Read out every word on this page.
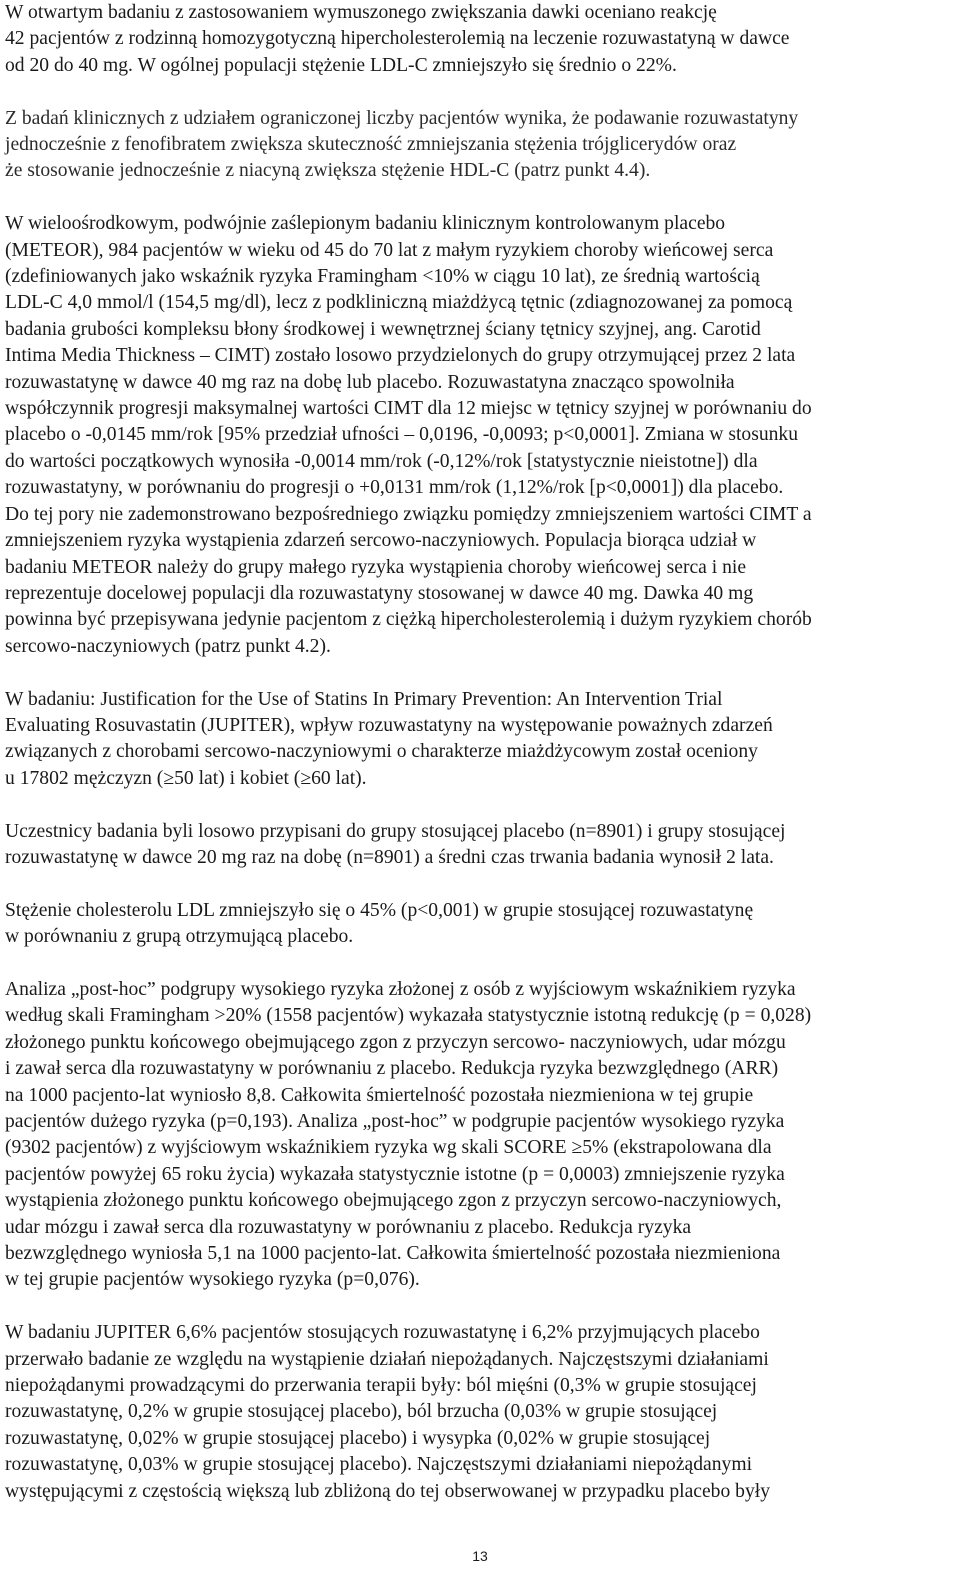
W otwartym badaniu z zastosowaniem wymuszonego zwiększania dawki oceniano reakcję
42 pacjentów z rodzinną homozygotyczną hipercholesterolemią na leczenie rozuwastatyną w dawce
od 20 do 40 mg. W ogólnej populacji stężenie LDL-C zmniejszyło się średnio o 22%.

Z badań klinicznych z udziałem ograniczonej liczby pacjentów wynika, że podawanie rozuwastatyny
jednocześnie z fenofibratem zwiększa skuteczność zmniejszania stężenia trójglicerydów oraz
że stosowanie jednocześnie z niacyną zwiększa stężenie HDL-C (patrz punkt 4.4).

W wieloośrodkowym, podwójnie zaślepionym badaniu klinicznym kontrolowanym placebo
(METEOR), 984 pacjentów w wieku od 45 do 70 lat z małym ryzykiem choroby wieńcowej serca
(zdefiniowanych jako wskaźnik ryzyka Framingham <10% w ciągu 10 lat), ze średnią wartością
LDL-C 4,0 mmol/l (154,5 mg/dl), lecz z podkliniczną miażdżycą tętnic (zdiagnozowanej za pomocą
badania grubości kompleksu błony środkowej i wewnętrznej ściany tętnicy szyjnej, ang. Carotid
Intima Media Thickness – CIMT) zostało losowo przydzielonych do grupy otrzymującej przez 2 lata
rozuwastatynę w dawce 40 mg raz na dobę lub placebo. Rozuwastatyna znacząco spowolniła
współczynnik progresji maksymalnej wartości CIMT dla 12 miejsc w tętnicy szyjnej w porównaniu do
placebo o -0,0145 mm/rok [95% przedział ufności – 0,0196, -0,0093; p<0,0001]. Zmiana w stosunku
do wartości początkowych wynosiła -0,0014 mm/rok (-0,12%/rok [statystycznie nieistotne]) dla
rozuwastatyny, w porównaniu do progresji o +0,0131 mm/rok (1,12%/rok [p<0,0001]) dla placebo.
Do tej pory nie zademonstrowano bezpośredniego związku pomiędzy zmniejszeniem wartości CIMT a
zmniejszeniem ryzyka wystąpienia zdarzeń sercowo-naczyniowych. Populacja biorąca udział w
badaniu METEOR należy do grupy małego ryzyka wystąpienia choroby wieńcowej serca i nie
reprezentuje docelowej populacji dla rozuwastatyny stosowanej w dawce 40 mg. Dawka 40 mg
powinna być przepisywana jedynie pacjentom z ciężką hipercholesterolemią i dużym ryzykiem chorób
sercowo-naczyniowych (patrz punkt 4.2).

W badaniu: Justification for the Use of Statins In Primary Prevention: An Intervention Trial
Evaluating Rosuvastatin (JUPITER), wpływ rozuwastatyny na występowanie poważnych zdarzeń
związanych z chorobami sercowo-naczyniowymi o charakterze miażdżycowym został oceniony
u 17802 mężczyzn (≥50 lat) i kobiet (≥60 lat).

Uczestnicy badania byli losowo przypisani do grupy stosującej placebo (n=8901) i grupy stosującej
rozuwastatynę w dawce 20 mg raz na dobę (n=8901) a średni czas trwania badania wynosił 2 lata.

Stężenie cholesterolu LDL zmniejszyło się o 45% (p<0,001) w grupie stosującej rozuwastatynę
w porównaniu z grupą otrzymującą placebo.

Analiza „post-hoc” podgrupy wysokiego ryzyka złożonej z osób z wyjściowym wskaźnikiem ryzyka
według skali Framingham >20% (1558 pacjentów) wykazała statystycznie istotną redukcję (p = 0,028)
złożonego punktu końcowego obejmującego zgon z przyczyn sercowo- naczyniowych, udar mózgu
i zawał serca dla rozuwastatyny w porównaniu z placebo. Redukcja ryzyka bezwzględnego (ARR)
na 1000 pacjento-lat wyniosło 8,8. Całkowita śmiertelność pozostała niezmieniona w tej grupie
pacjentów dużego ryzyka (p=0,193). Analiza „post-hoc” w podgrupie pacjentów wysokiego ryzyka
(9302 pacjentów) z wyjściowym wskaźnikiem ryzyka wg skali SCORE ≥5% (ekstrapolowana dla
pacjentów powyżej 65 roku życia) wykazała statystycznie istotne (p = 0,0003) zmniejszenie ryzyka
wystąpienia złożonego punktu końcowego obejmującego zgon z przyczyn sercowo-naczyniowych,
udar mózgu i zawał serca dla rozuwastatyny w porównaniu z placebo. Redukcja ryzyka
bezwzględnego wyniosła 5,1 na 1000 pacjento-lat. Całkowita śmiertelność pozostała niezmieniona
w tej grupie pacjentów wysokiego ryzyka (p=0,076).

W badaniu JUPITER 6,6% pacjentów stosujących rozuwastatynę i 6,2% przyjmujących placebo
przerwało badanie ze względu na wystąpienie działań niepożądanych. Najczęstszymi działaniami
niepożądanymi prowadzącymi do przerwania terapii były: ból mięśni (0,3% w grupie stosującej
rozuwastatynę, 0,2% w grupie stosującej placebo), ból brzucha (0,03% w grupie stosującej
rozuwastatynę, 0,02% w grupie stosującej placebo) i wysypka (0,02% w grupie stosującej
rozuwastatynę, 0,03% w grupie stosującej placebo). Najczęstszymi działaniami niepożądanymi
występującymi z częstością większą lub zbliżoną do tej obserwowanej w przypadku placebo były

13
